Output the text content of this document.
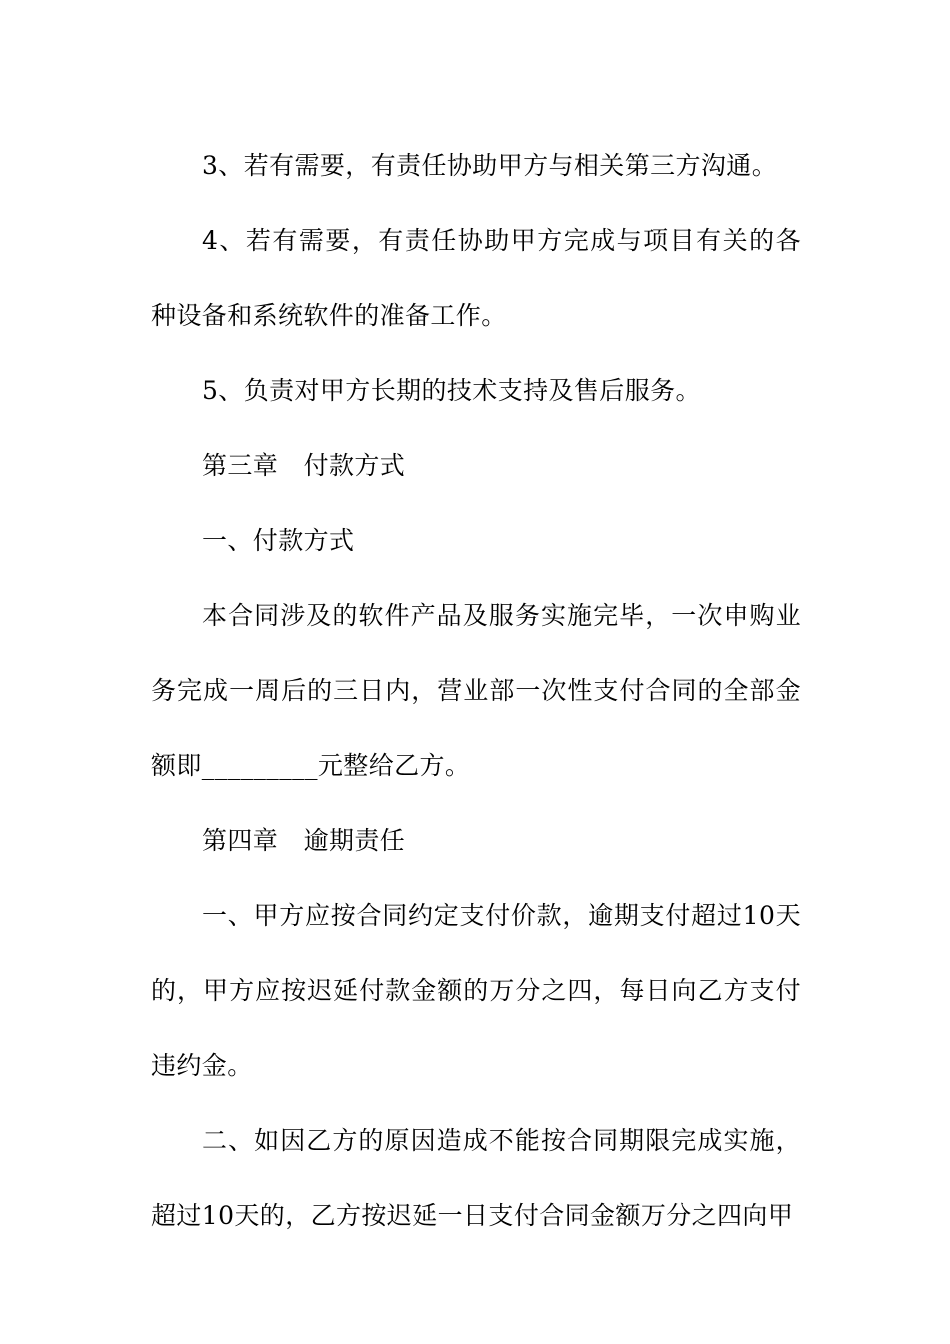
3、若有需要，有责任协助甲方与相关第三方沟通。

4、若有需要，有责任协助甲方完成与项目有关的各种设备和系统软件的准备工作。

5、负责对甲方长期的技术支持及售后服务。

第三章　付款方式

一、付款方式

本合同涉及的软件产品及服务实施完毕，一次申购业务完成一周后的三日内，营业部一次性支付合同的全部金额即_________元整给乙方。

第四章　逾期责任

一、甲方应按合同约定支付价款，逾期支付超过10天的，甲方应按迟延付款金额的万分之四，每日向乙方支付违约金。

二、如因乙方的原因造成不能按合同期限完成实施，超过10天的，乙方按迟延一日支付合同金额万分之四向甲
